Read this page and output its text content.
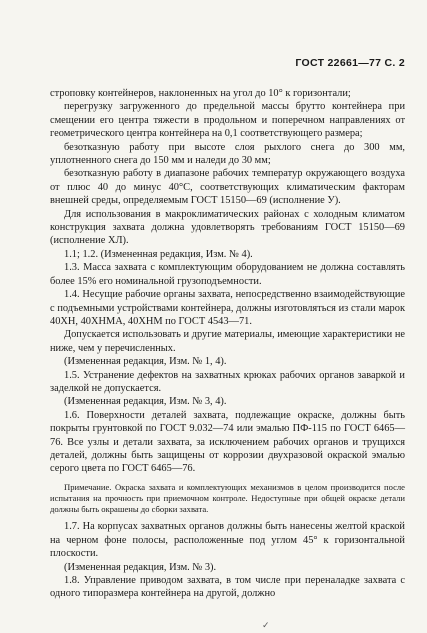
ГОСТ 22661—77 С. 2

строповку контейнеров, наклоненных на угол до 10° к горизонтали;

перегрузку загруженного до предельной массы брутто контейнера при смещении его центра тяжести в продольном и поперечном направлениях от геометрического центра контейнера на 0,1 соответствующего размера;

безотказную работу при высоте слоя рыхлого снега до 300 мм, уплотненного снега до 150 мм и наледи до 30 мм;

безотказную работу в диапазоне рабочих температур окружающего воздуха от плюс 40 до минус 40°С, соответствующих климатическим факторам внешней среды, определяемым ГОСТ 15150—69 (исполнение У).

Для использования в макроклиматических районах с холодным климатом конструкция захвата должна удовлетворять требованиям ГОСТ 15150—69 (исполнение ХЛ).

1.1; 1.2. (Измененная редакция, Изм. № 4).

1.3. Масса захвата с комплектующим оборудованием не должна составлять более 15% его номинальной грузоподъемности.

1.4. Несущие рабочие органы захвата, непосредственно взаимодействующие с подъемными устройствами контейнера, должны изготовляться из стали марок 40ХН, 40ХНМА, 40ХНМ по ГОСТ 4543—71.

Допускается использовать и другие материалы, имеющие характеристики не ниже, чем у перечисленных.

(Измененная редакция, Изм. № 1, 4).

1.5. Устранение дефектов на захватных крюках рабочих органов заваркой и заделкой не допускается.

(Измененная редакция, Изм. № 3, 4).

1.6. Поверхности деталей захвата, подлежащие окраске, должны быть покрыты грунтовкой по ГОСТ 9.032—74 или эмалью ПФ-115 по ГОСТ 6465—76. Все узлы и детали захвата, за исключением рабочих органов и трущихся деталей, должны быть защищены от коррозии двухразовой окраской эмалью серого цвета по ГОСТ 6465—76.

Примечание. Окраска захвата и комплектующих механизмов в целом производится после испытания на прочность при приемочном контроле. Недоступные при общей окраске детали должны быть окрашены до сборки захвата.

1.7. На корпусах захватных органов должны быть нанесены желтой краской на черном фоне полосы, расположенные под углом 45° к горизонтальной плоскости.

(Измененная редакция, Изм. № 3).

1.8. Управление приводом захвата, в том числе при переналадке захвата с одного типоразмера контейнера на другой, должно

✓
